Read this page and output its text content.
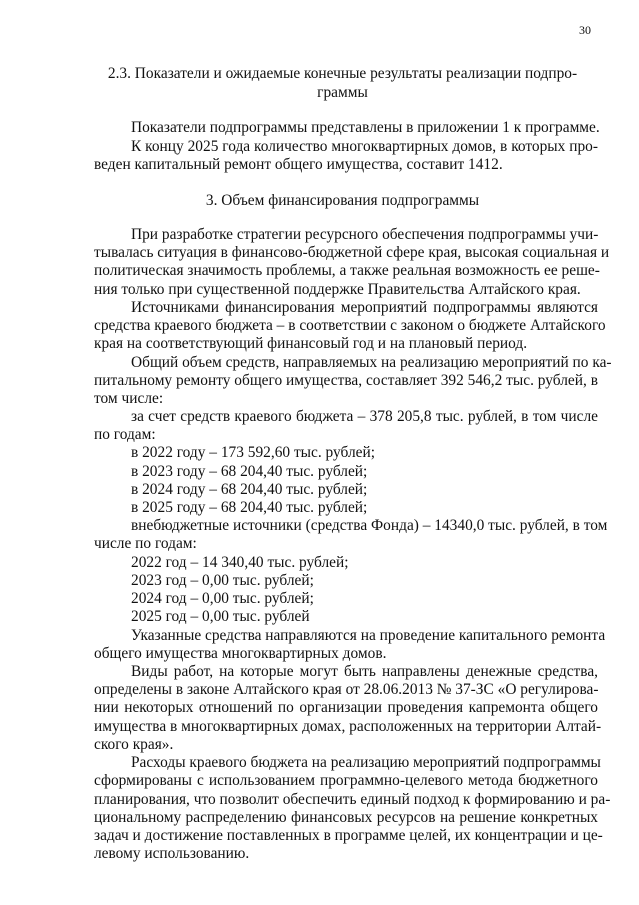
30
2.3. Показатели и ожидаемые конечные результаты реализации подпро-
граммы
Показатели подпрограммы представлены в приложении 1 к программе.
К концу 2025 года количество многоквартирных домов, в которых про-
веден капитальный ремонт общего имущества, составит 1412.
3. Объем финансирования подпрограммы
При разработке стратегии ресурсного обеспечения подпрограммы учи-
тывалась ситуация в финансово-бюджетной сфере края, высокая социальная и
политическая значимость проблемы, а также реальная возможность ее реше-
ния только при существенной поддержке Правительства Алтайского края.
Источниками финансирования мероприятий подпрограммы являются
средства краевого бюджета – в соответствии с законом о бюджете Алтайского
края на соответствующий финансовый год и на плановый период.
Общий объем средств, направляемых на реализацию мероприятий по ка-
питальному ремонту общего имущества, составляет 392 546,2 тыс. рублей, в
том числе:
за счет средств краевого бюджета – 378 205,8 тыс. рублей, в том числе
по годам:
в 2022 году – 173 592,60 тыс. рублей;
в 2023 году – 68 204,40 тыс. рублей;
в 2024 году – 68 204,40 тыс. рублей;
в 2025 году – 68 204,40 тыс. рублей;
внебюджетные источники (средства Фонда) – 14340,0 тыс. рублей, в том
числе по годам:
2022 год – 14 340,40 тыс. рублей;
2023 год – 0,00 тыс. рублей;
2024 год – 0,00 тыс. рублей;
2025 год – 0,00 тыс. рублей
Указанные средства направляются на проведение капитального ремонта
общего имущества многоквартирных домов.
Виды работ, на которые могут быть направлены денежные средства,
определены в законе Алтайского края от 28.06.2013 № 37-ЗС «О регулирова-
нии некоторых отношений по организации проведения капремонта общего
имущества в многоквартирных домах, расположенных на территории Алтай-
ского края».
Расходы краевого бюджета на реализацию мероприятий подпрограммы
сформированы с использованием программно-целевого метода бюджетного
планирования, что позволит обеспечить единый подход к формированию и ра-
циональному распределению финансовых ресурсов на решение конкретных
задач и достижение поставленных в программе целей, их концентрации и це-
левому использованию.
